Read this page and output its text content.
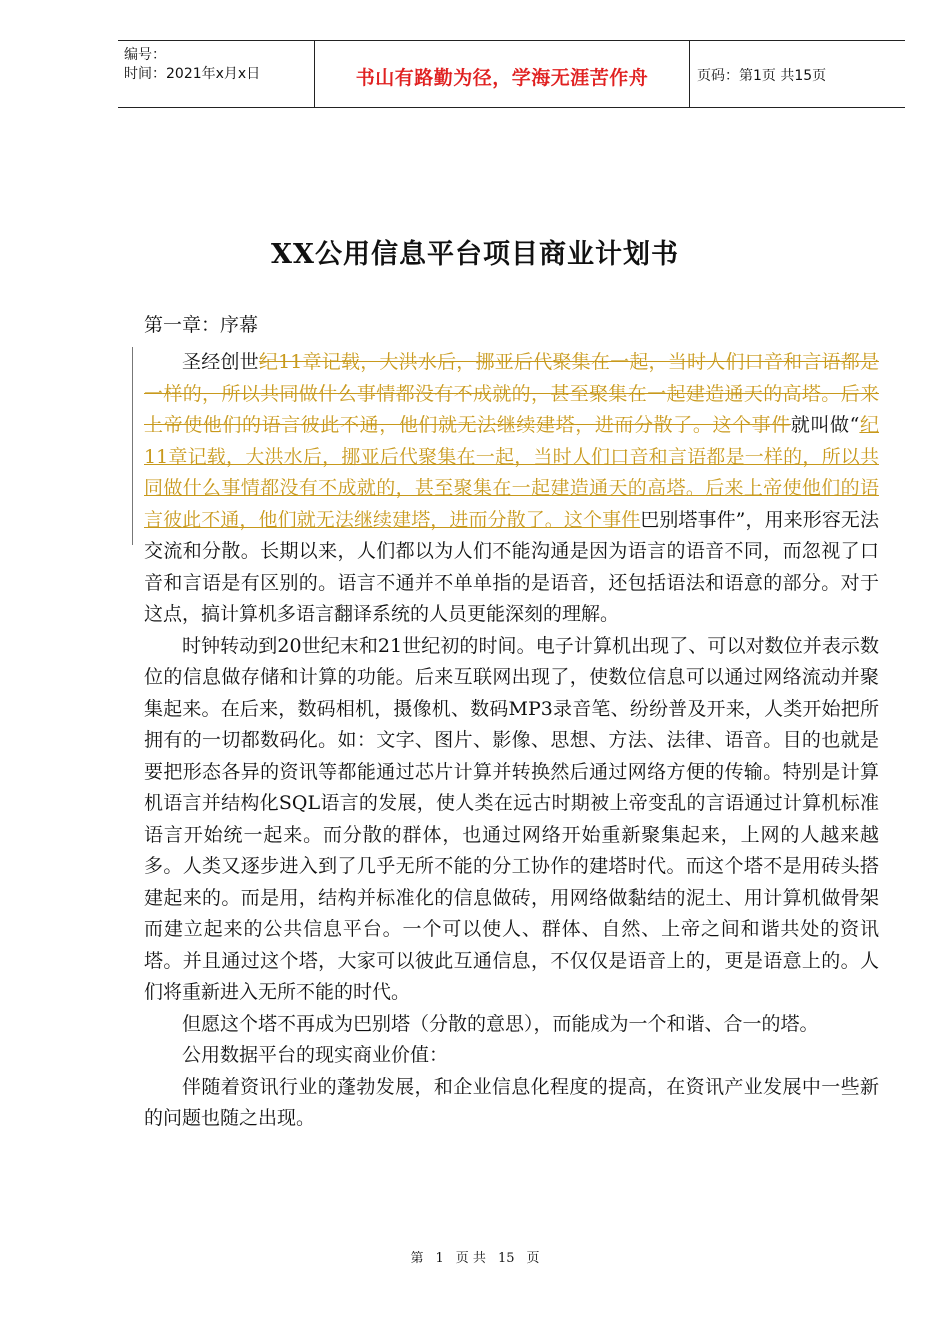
编号：
时间：2021年x月x日	书山有路勤为径，学海无涯苦作舟	页码：第1页 共15页
XX公用信息平台项目商业计划书
第一章：序幕

圣经创世纪11章记载，大洪水后，挪亚后代聚集在一起，当时人们口音和言语都是一样的，所以共同做什么事情都没有不成就的，甚至聚集在一起建造通天的高塔。后来上帝使他们的语言彼此不通，他们就无法继续建塔，进而分散了。这个事件就叫做“纪11章记载，大洪水后，挪亚后代聚集在一起，当时人们口音和言语都是一样的，所以共同做什么事情都没有不成就的，甚至聚集在一起建造通天的高塔。后来上帝使他们的语言彼此不通，他们就无法继续建塔，进而分散了。这个事件巴别塔事件”，用来形容无法交流和分散。长期以来，人们都以为人们不能沟通是因为语言的语音不同，而忽视了口音和言语是有区别的。语言不通并不单单指的是语音，还包括语法和语意的部分。对于这点，搞计算机多语言翻译系统的人员更能深刻的理解。

时钟转动到20世纪末和21世纪初的时间。电子计算机出现了、可以对数位并表示数位的信息做存储和计算的功能。后来互联网出现了，使数位信息可以通过网络流动并聚集起来。在后来，数码相机，摄像机、数码MP3录音笔、纷纷普及开来，人类开始把所拥有的一切都数码化。如：文字、图片、影像、思想、方法、法律、语音。目的也就是要把形态各异的资讯等都能通过芯片计算并转换然后通过网络方便的传输。特别是计算机语言并结构化SQL语言的发展，使人类在远古时期被上帝变乱的言语通过计算机标准语言开始统一起来。而分散的群体，也通过网络开始重新聚集起来，上网的人越来越多。人类又逐步进入到了几乎无所不能的分工协作的建塔时代。而这个塔不是用砖头搭建起来的。而是用，结构并标准化的信息做砖，用网络做黏结的泥土、用计算机做骨架而建立起来的公共信息平台。一个可以使人、群体、自然、上帝之间和谐共处的资讯塔。并且通过这个塔，大家可以彼此互通信息，不仅仅是语音上的，更是语意上的。人们将重新进入无所不能的时代。

但愿这个塔不再成为巴别塔（分散的意思），而能成为一个和谐、合一的塔。

公用数据平台的现实商业价值：

伴随着资讯行业的蓬勃发展，和企业信息化程度的提高，在资讯产业发展中一些新的问题也随之出现。

第 1 页 共 15 页
